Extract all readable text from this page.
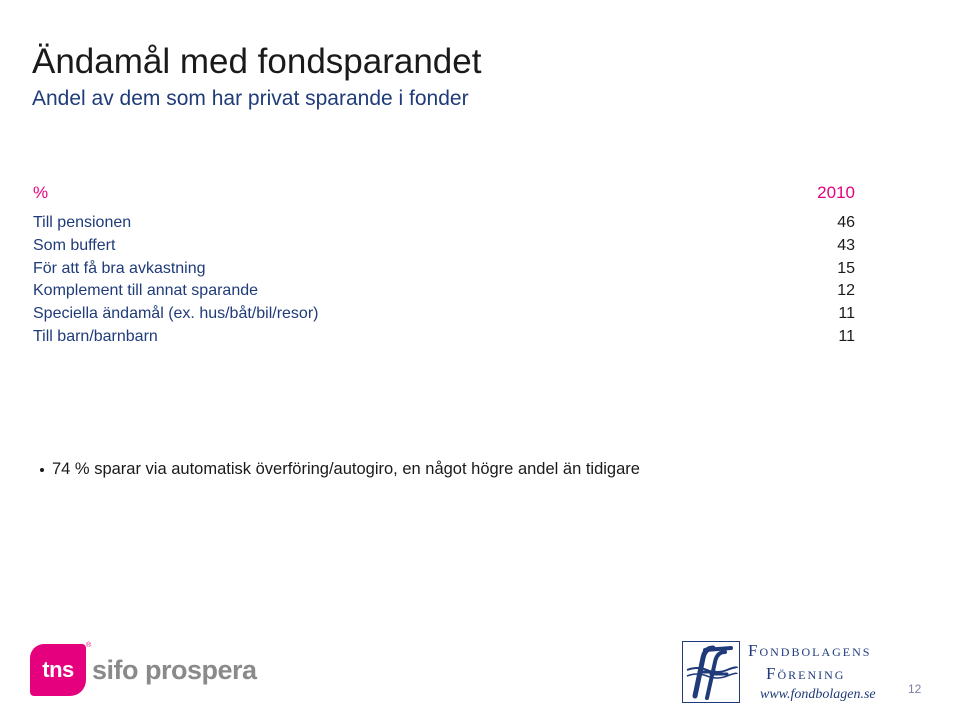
Ändamål med fondsparandet
Andel av dem som har privat sparande i fonder
%	2010
Till pensionen	46
Som buffert	43
För att få bra avkastning	15
Komplement till annat sparande	12
Speciella ändamål (ex. hus/båt/bil/resor)	11
Till barn/barnbarn	11
74 % sparar via automatisk överföring/autogiro, en något högre andel än tidigare
tns
®
sifo prospera
Fondbolagens
Förening
www.fondbolagen.se	12
